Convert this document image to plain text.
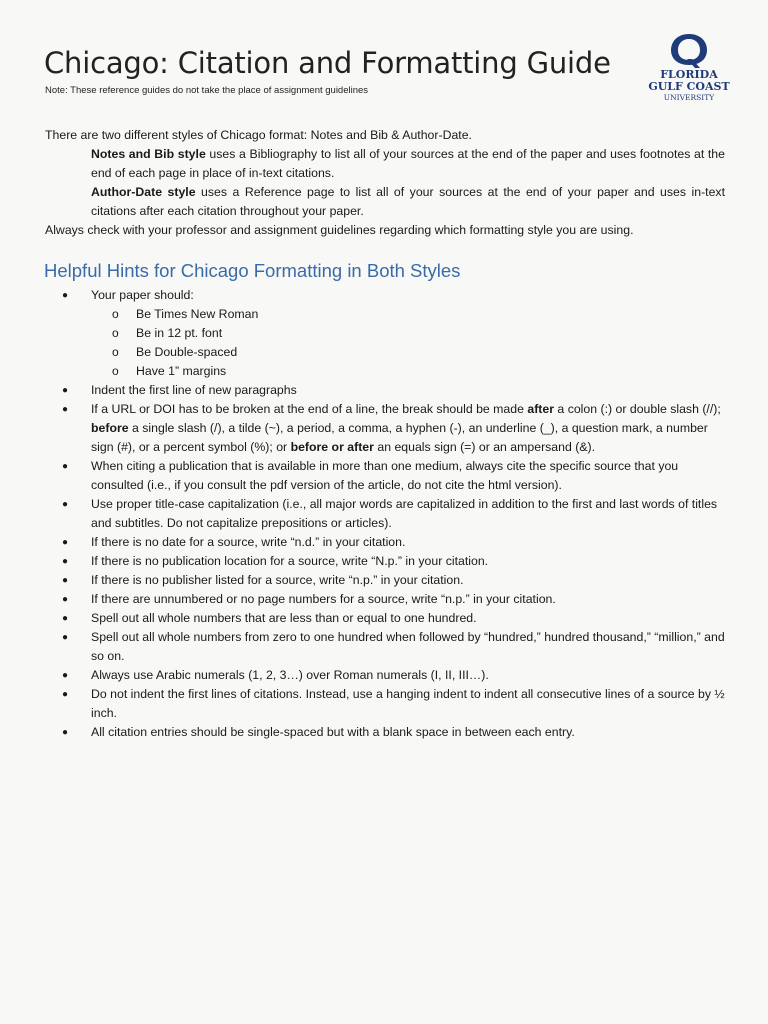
Chicago: Citation and Formatting Guide
Note: These reference guides do not take the place of assignment guidelines
FLORIDA
GULF COAST
UNIVERSITY

There are two different styles of Chicago format: Notes and Bib & Author-Date.

Notes and Bib style uses a Bibliography to list all of your sources at the end of the paper and uses footnotes at the end of each page in place of in-text citations.

Author-Date style uses a Reference page to list all of your sources at the end of your paper and uses in-text citations after each citation throughout your paper.

Always check with your professor and assignment guidelines regarding which formatting style you are using.

Helpful Hints for Chicago Formatting in Both Styles

● Your paper should:

o Be Times New Roman

o Be in 12 pt. font

o Be Double-spaced

o Have 1” margins

● Indent the first line of new paragraphs

● If a URL or DOI has to be broken at the end of a line, the break should be made after a colon (:) or double slash (//); before a single slash (/), a tilde (~), a period, a comma, a hyphen (-), an underline (_), a question mark, a number sign (#), or a percent symbol (%); or before or after an equals sign (=) or an ampersand (&).

● When citing a publication that is available in more than one medium, always cite the specific source that you consulted (i.e., if you consult the pdf version of the article, do not cite the html version).

● Use proper title-case capitalization (i.e., all major words are capitalized in addition to the first and last words of titles and subtitles. Do not capitalize prepositions or articles).

● If there is no date for a source, write “n.d.” in your citation.

● If there is no publication location for a source, write “N.p.” in your citation.

● If there is no publisher listed for a source, write “n.p.” in your citation.

● If there are unnumbered or no page numbers for a source, write “n.p.” in your citation.

● Spell out all whole numbers that are less than or equal to one hundred.

● Spell out all whole numbers from zero to one hundred when followed by “hundred,” hundred thousand,” “million,” and so on.

● Always use Arabic numerals (1, 2, 3…) over Roman numerals (I, II, III…).

● Do not indent the first lines of citations. Instead, use a hanging indent to indent all consecutive lines of a source by ½ inch.

● All citation entries should be single-spaced but with a blank space in between each entry.
